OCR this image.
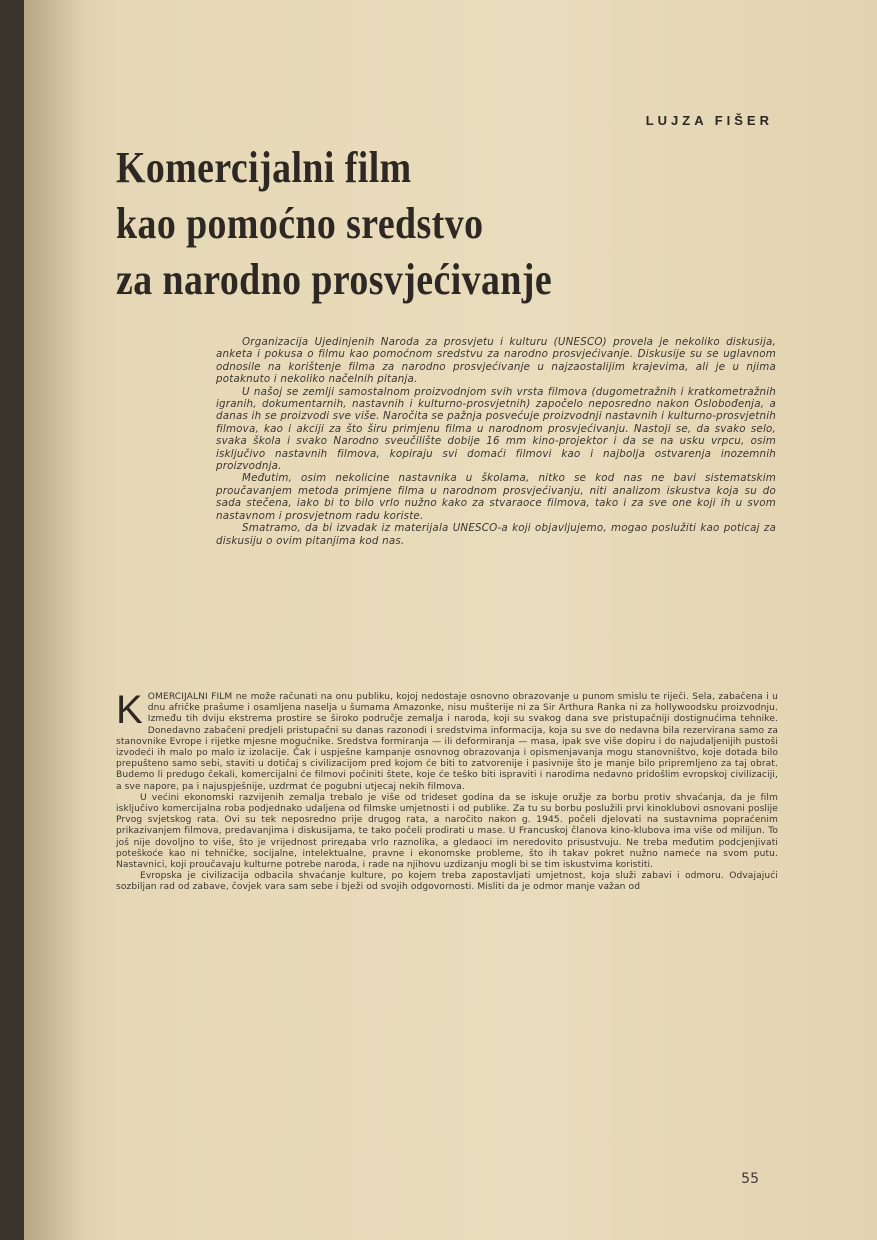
LUJZA FIŠER
Komercijalni film
kao pomoćno sredstvo
za narodno prosvjećivanje

Organizacija Ujedinjenih Naroda za prosvjetu i kulturu (UNESCO) provela je nekoliko diskusija, anketa i pokusa o filmu kao pomoćnom sredstvu za narodno prosvjećivanje. Diskusije su se uglavnom odnosile na korištenje filma za narodno prosvjećivanje u najzaostalijim krajevima, ali je u njima potaknuto i nekoliko načelnih pitanja.

U našoj se zemlji samostalnom proizvodnjom svih vrsta filmova (dugometražnih i kratkometražnih igranih, dokumentarnih, nastavnih i kulturno-prosvjetnih) započelo neposredno nakon Oslobođenja, a danas ih se proizvodi sve više. Naročita se pažnja posvećuje proizvodnji nastavnih i kulturno-prosvjetnih filmova, kao i akciji za što širu primjenu filma u narodnom prosvjećivanju. Nastoji se, da svako selo, svaka škola i svako Narodno sveučilište dobije 16 mm kino-projektor i da se na usku vrpcu, osim isključivo nastavnih filmova, kopiraju svi domaći filmovi kao i najbolja ostvarenja inozemnih proizvodnja.

Međutim, osim nekolicine nastavnika u školama, nitko se kod nas ne bavi sistematskim proučavanjem metoda primjene filma u narodnom prosvjećivanju, niti analizom iskustva koja su do sada stečena, iako bi to bilo vrlo nužno kako za stvaraoce filmova, tako i za sve one koji ih u svom nastavnom i prosvjetnom radu koriste.

Smatramo, da bi izvadak iz materijala UNESCO-a koji objavljujemo, mogao poslužiti kao poticaj za diskusiju o ovim pitanjima kod nas.

KOMERCIJALNI FILM ne može računati na onu publiku, kojoj nedostaje osnovno obrazovanje u punom smislu te riječi. Sela, zabačena i u dnu afričke prašume i osamljena naselja u šumama Amazonke, nisu mušterije ni za Sir Arthura Ranka ni za hollywoodsku proizvodnju. Između tih dviju ekstrema prostire se široko područje zemalja i naroda, koji su svakog dana sve pristupačniji dostignućima tehnike. Donedavno zabačeni predjeli pristupačni su danas razonodi i sredstvima informacija, koja su sve do nedavna bila rezervirana samo za stanovnike Evrope i rijetke mjesne mogućnike. Sredstva formiranja — ili deformiranja — masa, ipak sve više dopiru i do najudaljenijih pustoši izvodeći ih malo po malo iz izolacije. Čak i uspješne kampanje osnovnog obrazovanja i opismenjavanja mogu stanovništvo, koje dotada bilo prepušteno samo sebi, staviti u dotičaj s civilizacijom pred kojom će biti to zatvorenije i pasivnije što je manje bilo pripremljeno za taj obrat. Budemo li predugo čekali, komercijalni će filmovi počiniti štete, koje će teško biti ispraviti i narodima nedavno pridošlim evropskoj civilizaciji, a sve napore, pa i najuspješnije, uzdrmat će pogubni utjecaj nekih filmova.

U većini ekonomski razvijenih zemalja trebalo je više od trideset godina da se iskuje oružje za borbu protiv shvaćanja, da je film isključivo komercijalna roba podjednako udaljena od filmske umjetnosti i od publike. Za tu su borbu poslužili prvi kinoklubovi osnovani poslije Prvog svjetskog rata. Ovi su tek neposredno prije drugog rata, a naročito nakon g. 1945. počeli djelovati na sustavnima popraćenim prikazivanjem filmova, predavanjima i diskusijama, te tako počeli prodirati u mase. U Francuskoj članova kino-klubova ima više od milijun. To još nije dovoljno to više, što je vrijednost prireдaba vrlo raznolika, a gledaoci im neredovito prisustvuju. Ne treba međutim podcjenjivati poteškoće kao ni tehničke, socijalne, intelektualne, pravne i ekonomske probleme, što ih takav pokret nužno nameće na svom putu. Nastavnici, koji proučavaju kulturne potrebe naroda, i rade na njihovu uzdizanju mogli bi se tim iskustvima koristiti.

Evropska je civilizacija odbacila shvaćanje kulture, po kojem treba zapostavljati umjetnost, koja služi zabavi i odmoru. Odvajajući sozbiljan rad od zabave, čovjek vara sam sebe i bježi od svojih odgovornosti. Misliti da je odmor manje važan od

55
